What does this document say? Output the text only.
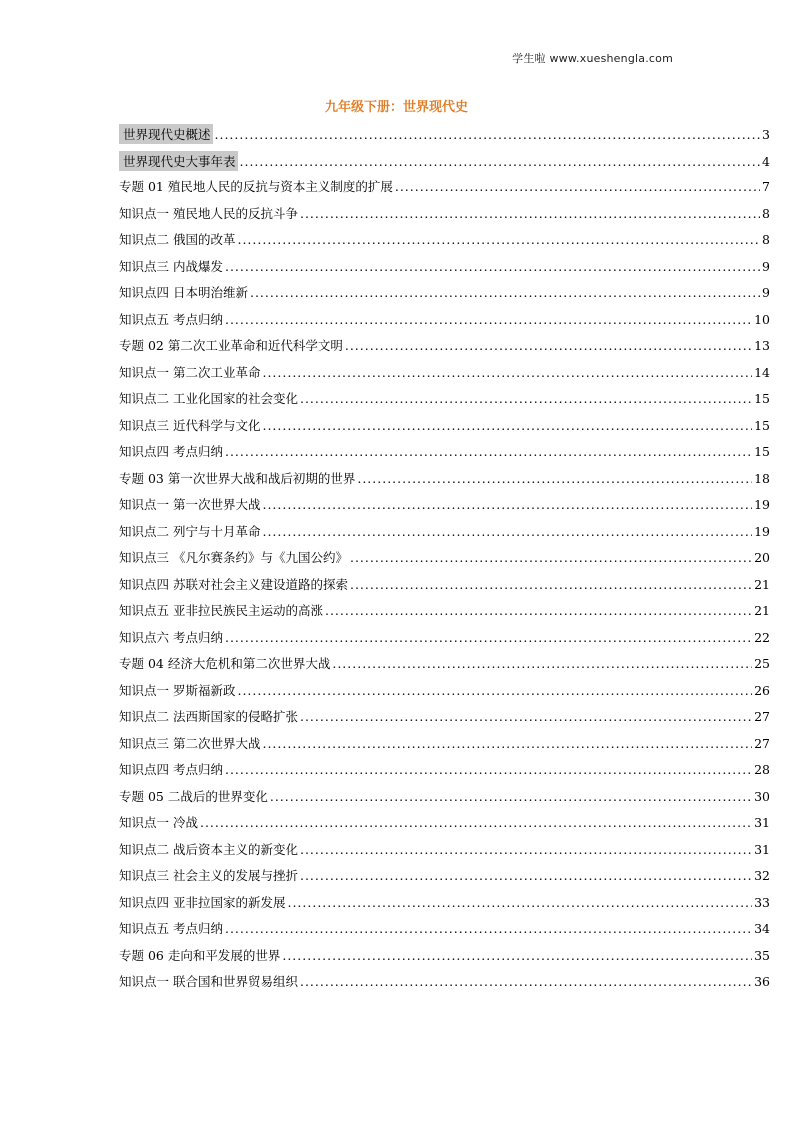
学生啦 www.xueshengla.com
九年级下册：世界现代史
世界现代史概述 .....	3
世界现代史大事年表 .....	4
专题 01 殖民地人民的反抗与资本主义制度的扩展 .....	7
知识点一 殖民地人民的反抗斗争 .....	8
知识点二 俄国的改革 .....	8
知识点三 内战爆发 .....	9
知识点四 日本明治维新 .....	9
知识点五 考点归纳 .....	10
专题 02 第二次工业革命和近代科学文明 .....	13
知识点一 第二次工业革命 .....	14
知识点二 工业化国家的社会变化 .....	15
知识点三 近代科学与文化 .....	15
知识点四 考点归纳 .....	15
专题 03 第一次世界大战和战后初期的世界 .....	18
知识点一 第一次世界大战 .....	19
知识点二 列宁与十月革命 .....	19
知识点三 《凡尔赛条约》与《九国公约》 .....	20
知识点四 苏联对社会主义建设道路的探索 .....	21
知识点五 亚非拉民族民主运动的高涨 .....	21
知识点六 考点归纳 .....	22
专题 04 经济大危机和第二次世界大战 .....	25
知识点一 罗斯福新政 .....	26
知识点二 法西斯国家的侵略扩张 .....	27
知识点三 第二次世界大战 .....	27
知识点四 考点归纳 .....	28
专题 05 二战后的世界变化 .....	30
知识点一 冷战 .....	31
知识点二 战后资本主义的新变化 .....	31
知识点三 社会主义的发展与挫折 .....	32
知识点四 亚非拉国家的新发展 .....	33
知识点五 考点归纳 .....	34
专题 06 走向和平发展的世界 .....	35
知识点一 联合国和世界贸易组织 .....	36
